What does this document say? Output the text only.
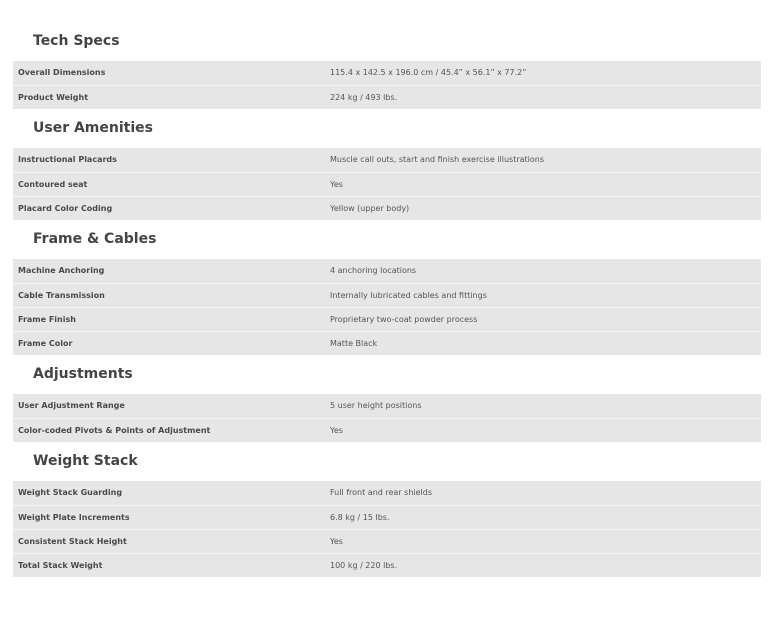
Tech Specs
Overall Dimensions	115.4 x 142.5 x 196.0 cm / 45.4” x 56.1” x 77.2”
Product Weight	224 kg / 493 lbs.
User Amenities
Instructional Placards	Muscle call outs, start and finish exercise illustrations
Contoured seat	Yes
Placard Color Coding	Yellow (upper body)
Frame & Cables
Machine Anchoring	4 anchoring locations
Cable Transmission	Internally lubricated cables and fittings
Frame Finish	Proprietary two-coat powder process
Frame Color	Matte Black
Adjustments
User Adjustment Range	5 user height positions
Color-coded Pivots & Points of Adjustment	Yes
Weight Stack
Weight Stack Guarding	Full front and rear shields
Weight Plate Increments	6.8 kg / 15 lbs.
Consistent Stack Height	Yes
Total Stack Weight	100 kg / 220 lbs.
